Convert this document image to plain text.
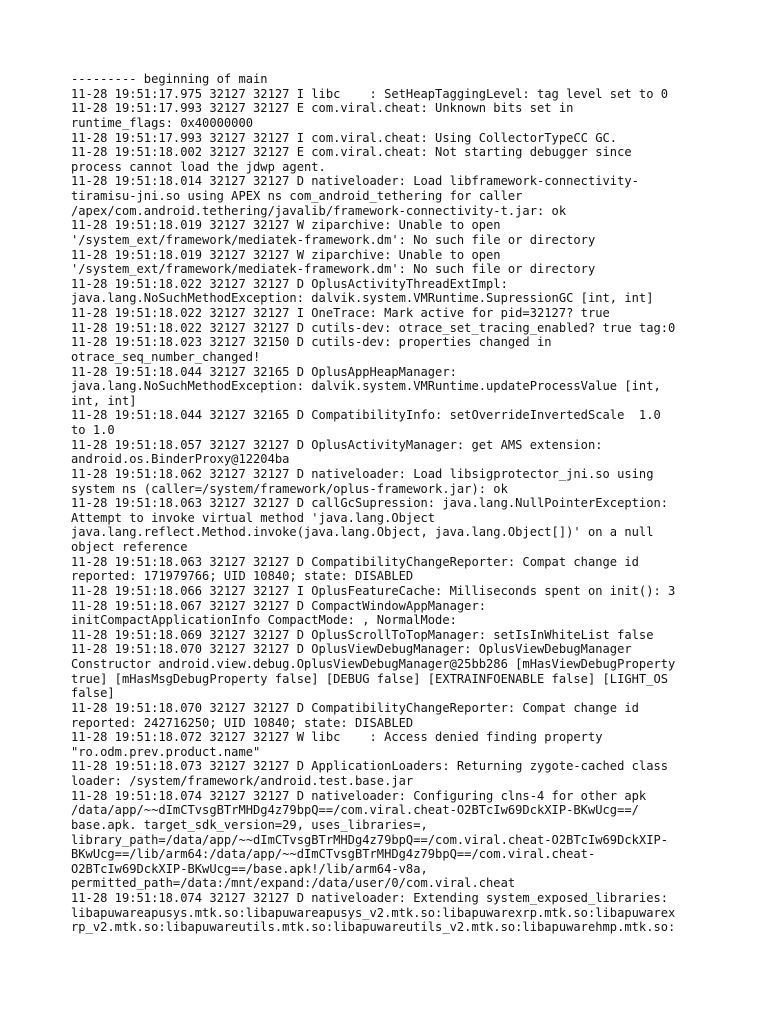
--------- beginning of main
11-28 19:51:17.975 32127 32127 I libc    : SetHeapTaggingLevel: tag level set to 0
11-28 19:51:17.993 32127 32127 E com.viral.cheat: Unknown bits set in
runtime_flags: 0x40000000
11-28 19:51:17.993 32127 32127 I com.viral.cheat: Using CollectorTypeCC GC.
11-28 19:51:18.002 32127 32127 E com.viral.cheat: Not starting debugger since
process cannot load the jdwp agent.
11-28 19:51:18.014 32127 32127 D nativeloader: Load libframework-connectivity-
tiramisu-jni.so using APEX ns com_android_tethering for caller
/apex/com.android.tethering/javalib/framework-connectivity-t.jar: ok
11-28 19:51:18.019 32127 32127 W ziparchive: Unable to open
'/system_ext/framework/mediatek-framework.dm': No such file or directory
11-28 19:51:18.019 32127 32127 W ziparchive: Unable to open
'/system_ext/framework/mediatek-framework.dm': No such file or directory
11-28 19:51:18.022 32127 32127 D OplusActivityThreadExtImpl:
java.lang.NoSuchMethodException: dalvik.system.VMRuntime.SupressionGC [int, int]
11-28 19:51:18.022 32127 32127 I OneTrace: Mark active for pid=32127? true
11-28 19:51:18.022 32127 32127 D cutils-dev: otrace_set_tracing_enabled? true tag:0
11-28 19:51:18.023 32127 32150 D cutils-dev: properties changed in
otrace_seq_number_changed!
11-28 19:51:18.044 32127 32165 D OplusAppHeapManager:
java.lang.NoSuchMethodException: dalvik.system.VMRuntime.updateProcessValue [int,
int, int]
11-28 19:51:18.044 32127 32165 D CompatibilityInfo: setOverrideInvertedScale  1.0
to 1.0
11-28 19:51:18.057 32127 32127 D OplusActivityManager: get AMS extension:
android.os.BinderProxy@12204ba
11-28 19:51:18.062 32127 32127 D nativeloader: Load libsigprotector_jni.so using
system ns (caller=/system/framework/oplus-framework.jar): ok
11-28 19:51:18.063 32127 32127 D callGcSupression: java.lang.NullPointerException:
Attempt to invoke virtual method 'java.lang.Object
java.lang.reflect.Method.invoke(java.lang.Object, java.lang.Object[])' on a null
object reference
11-28 19:51:18.063 32127 32127 D CompatibilityChangeReporter: Compat change id
reported: 171979766; UID 10840; state: DISABLED
11-28 19:51:18.066 32127 32127 I OplusFeatureCache: Milliseconds spent on init(): 3
11-28 19:51:18.067 32127 32127 D CompactWindowAppManager:
initCompactApplicationInfo CompactMode: , NormalMode:
11-28 19:51:18.069 32127 32127 D OplusScrollToTopManager: setIsInWhiteList false
11-28 19:51:18.070 32127 32127 D OplusViewDebugManager: OplusViewDebugManager
Constructor android.view.debug.OplusViewDebugManager@25bb286 [mHasViewDebugProperty
true] [mHasMsgDebugProperty false] [DEBUG false] [EXTRAINFOENABLE false] [LIGHT_OS
false]
11-28 19:51:18.070 32127 32127 D CompatibilityChangeReporter: Compat change id
reported: 242716250; UID 10840; state: DISABLED
11-28 19:51:18.072 32127 32127 W libc    : Access denied finding property
"ro.odm.prev.product.name"
11-28 19:51:18.073 32127 32127 D ApplicationLoaders: Returning zygote-cached class
loader: /system/framework/android.test.base.jar
11-28 19:51:18.074 32127 32127 D nativeloader: Configuring clns-4 for other apk
/data/app/~~dImCTvsgBTrMHDg4z79bpQ==/com.viral.cheat-O2BTcIw69DckXIP-BKwUcg==/
base.apk. target_sdk_version=29, uses_libraries=,
library_path=/data/app/~~dImCTvsgBTrMHDg4z79bpQ==/com.viral.cheat-O2BTcIw69DckXIP-
BKwUcg==/lib/arm64:/data/app/~~dImCTvsgBTrMHDg4z79bpQ==/com.viral.cheat-
O2BTcIw69DckXIP-BKwUcg==/base.apk!/lib/arm64-v8a,
permitted_path=/data:/mnt/expand:/data/user/0/com.viral.cheat
11-28 19:51:18.074 32127 32127 D nativeloader: Extending system_exposed_libraries:
libapuwareapusys.mtk.so:libapuwareapusys_v2.mtk.so:libapuwarexrp.mtk.so:libapuwarex
rp_v2.mtk.so:libapuwareutils.mtk.so:libapuwareutils_v2.mtk.so:libapuwarehmp.mtk.so:
